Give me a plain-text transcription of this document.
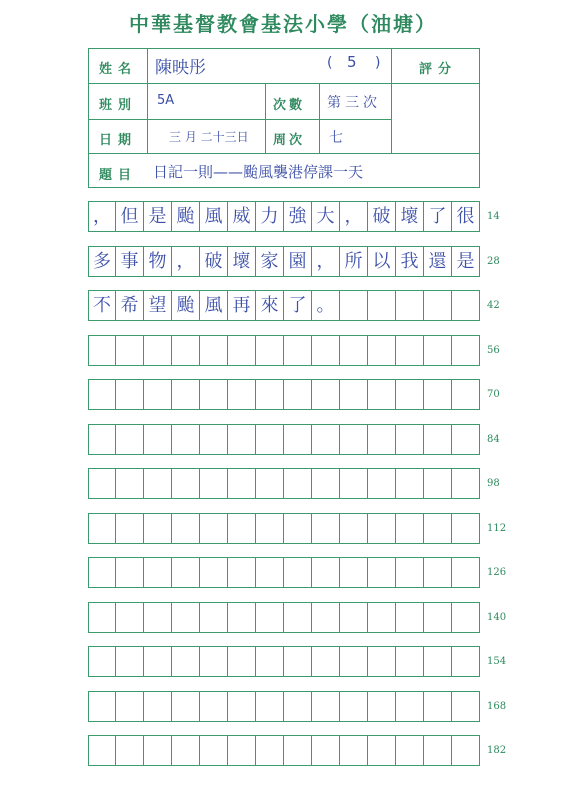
中華基督教會基法小學（油塘）
姓名 陳映彤	( 5 )	評分
班別 5A	次數 第三次
日期	三 月 二十三日 周次 七
題目 日記一則——颱風襲港停課一天
， 但 是 颱 風 威 力 強 大 ， 破 壞 了 很	14
多 事 物 ， 破 壞 家 園 ， 所 以 我 還 是	28
不 希 望 颱 風 再 來 了 。	42
56
70
84
98
112
126
140
154
168
182
